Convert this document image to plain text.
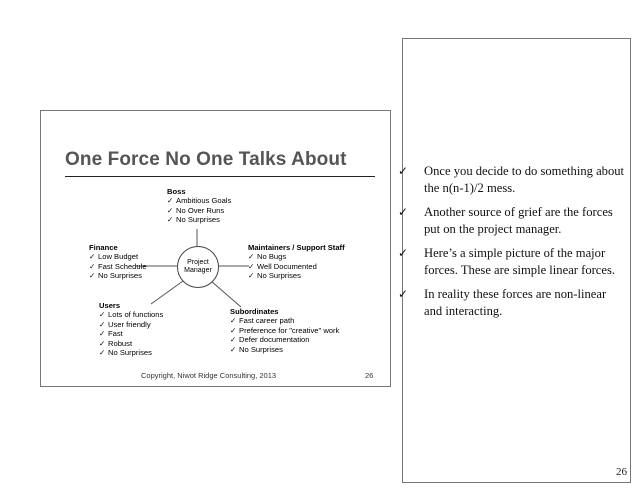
One Force No One Talks About
Boss
✓ Ambitious Goals
✓ No Over Runs
✓ No Surprises
Finance
✓ Low Budget
✓ Fast Schedule
✓ No Surprises
Project Manager
Maintainers / Support Staff
✓ No Bugs
✓ Well Documented
✓ No Surprises
Users
✓ Lots of functions
✓ User friendly
✓ Fast
✓ Robust
✓ No Surprises
Subordinates
✓ Fast career path
✓ Preference for "creative" work
✓ Defer documentation
✓ No Surprises
Copyright, Niwot Ridge Consulting, 2013	26
✓ Once you decide to do something about the n(n-1)/2 mess.
✓ Another source of grief are the forces put on the project manager.
✓ Here’s a simple picture of the major forces. These are simple linear forces.
✓ In reality these forces are non-linear and interacting.
26
